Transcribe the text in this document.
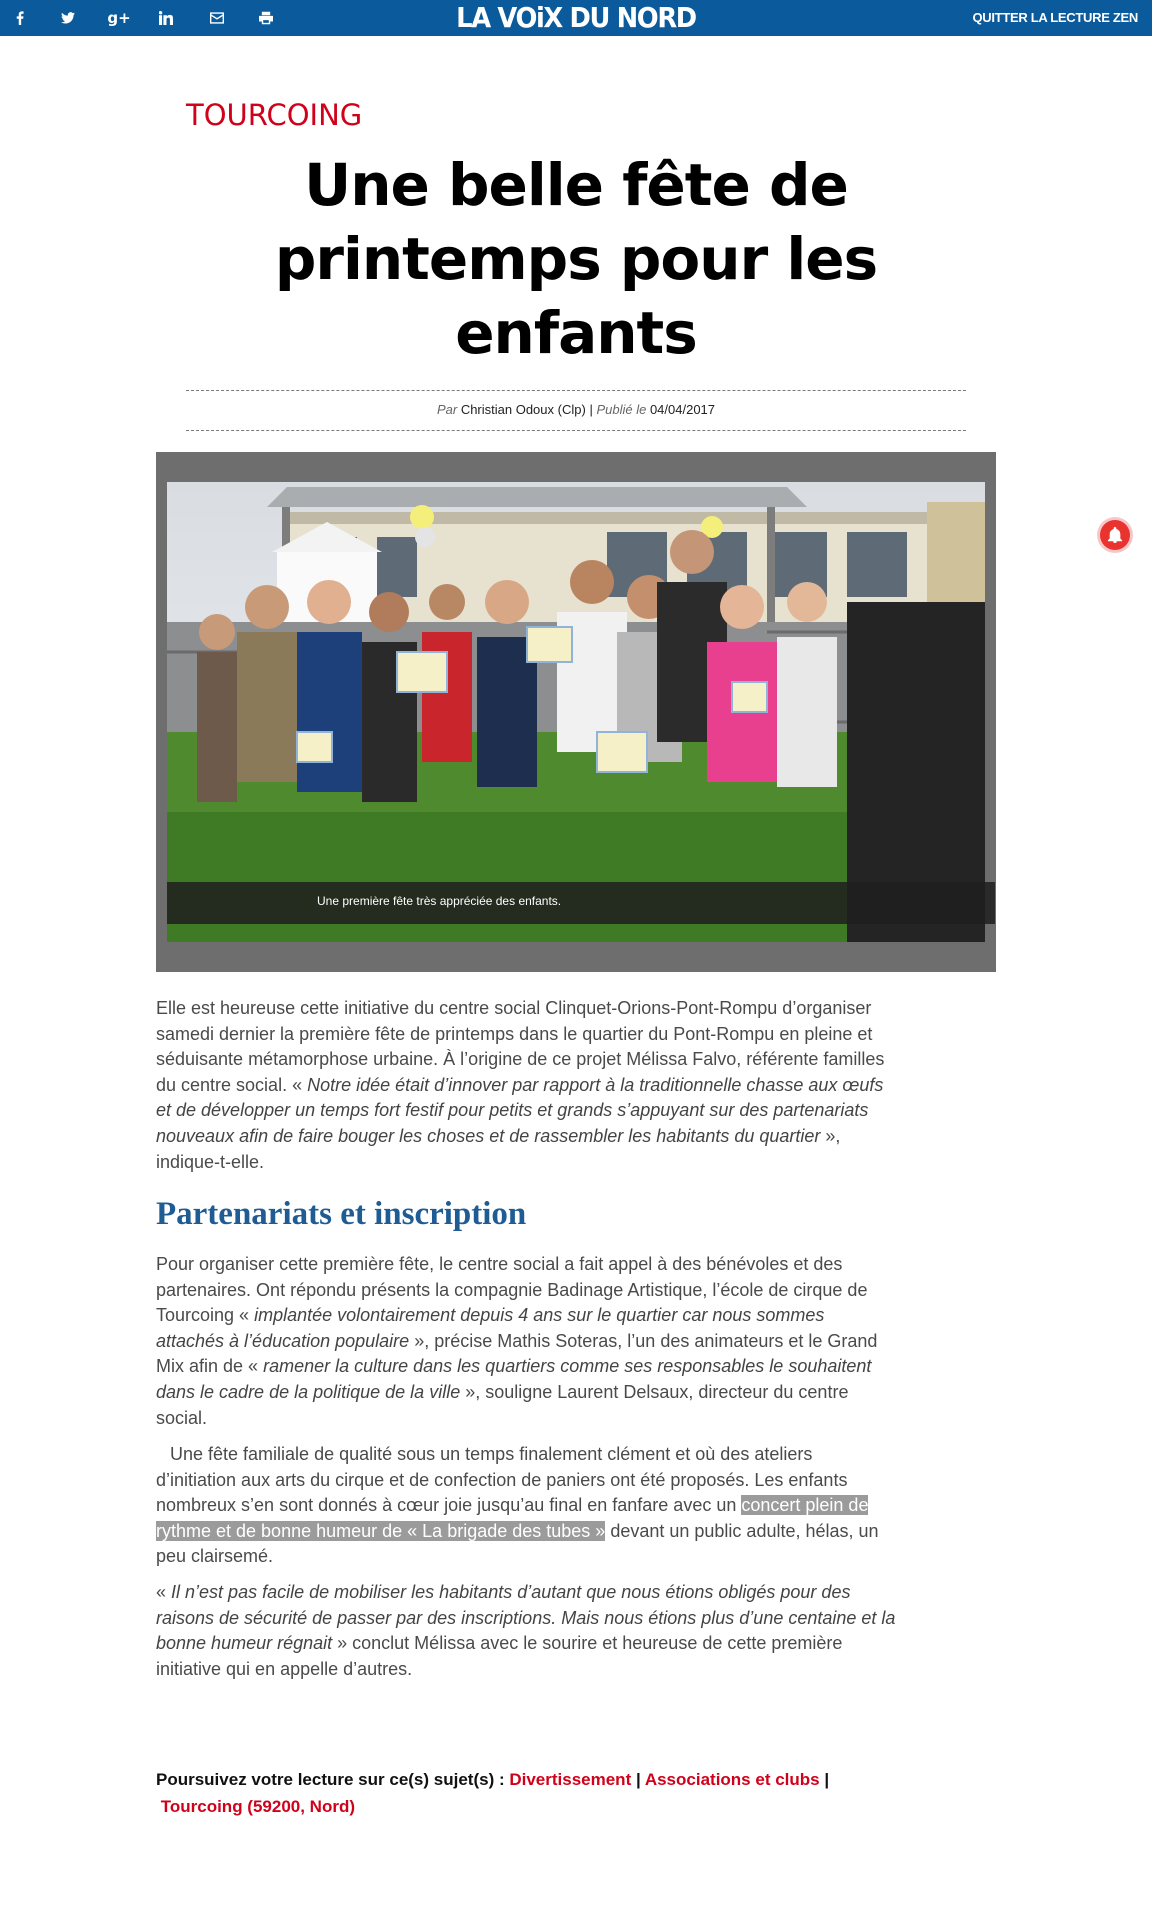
g+	LA VOiX DU NORD	QUITTER LA LECTURE ZEN
TOURCOING
Une belle fête de
printemps pour les
enfants
Par Christian Odoux (Clp) | Publié le 04/04/2017
Une première fête très appréciée des enfants.

Elle est heureuse cette initiative du centre social Clinquet-Orions-Pont-Rompu d’organiser samedi dernier la première fête de printemps dans le quartier du Pont-Rompu en pleine et séduisante métamorphose urbaine. À l’origine de ce projet Mélissa Falvo, référente familles du centre social. « Notre idée était d’innover par rapport à la traditionnelle chasse aux œufs et de développer un temps fort festif pour petits et grands s’appuyant sur des partenariats nouveaux afin de faire bouger les choses et de rassembler les habitants du quartier », indique-t-elle.

Partenariats et inscription

Pour organiser cette première fête, le centre social a fait appel à des bénévoles et des partenaires. Ont répondu présents la compagnie Badinage Artistique, l’école de cirque de Tourcoing « implantée volontairement depuis 4 ans sur le quartier car nous sommes attachés à l’éducation populaire », précise Mathis Soteras, l’un des animateurs et le Grand Mix afin de « ramener la culture dans les quartiers comme ses responsables le souhaitent dans le cadre de la politique de la ville », souligne Laurent Delsaux, directeur du centre social.

Une fête familiale de qualité sous un temps finalement clément et où des ateliers d’initiation aux arts du cirque et de confection de paniers ont été proposés. Les enfants nombreux s’en sont donnés à cœur joie jusqu’au final en fanfare avec un concert plein de rythme et de bonne humeur de « La brigade des tubes » devant un public adulte, hélas, un peu clairsemé.

« Il n’est pas facile de mobiliser les habitants d’autant que nous étions obligés pour des raisons de sécurité de passer par des inscriptions. Mais nous étions plus d’une centaine et la bonne humeur régnait » conclut Mélissa avec le sourire et heureuse de cette première initiative qui en appelle d’autres.

Poursuivez votre lecture sur ce(s) sujet(s) : Divertissement | Associations et clubs |
Tourcoing (59200, Nord)
